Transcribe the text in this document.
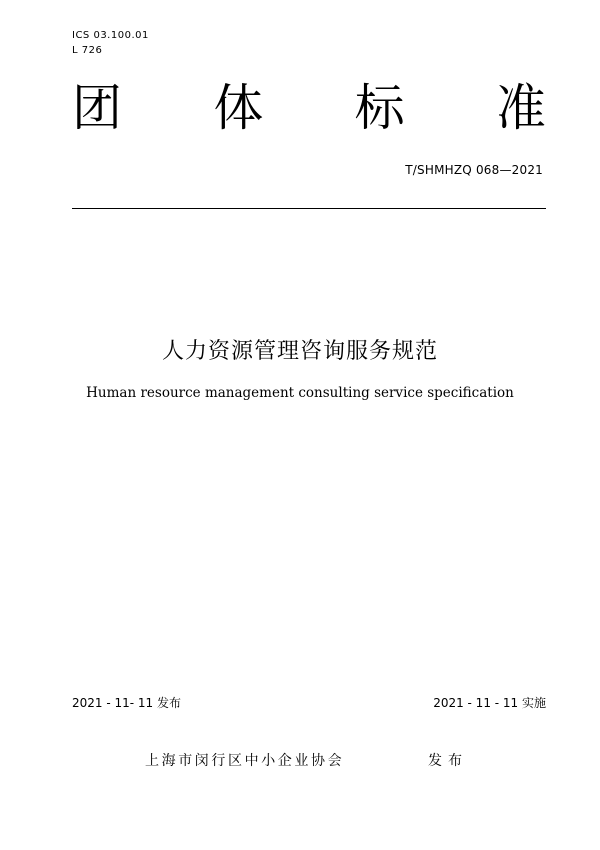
ICS 03.100.01
L 726
团 体 标 准
T/SHMHZQ 068—2021
人力资源管理咨询服务规范
Human resource management consulting service specification
2021 - 11- 11 发布	2021 - 11 - 11 实施
上海市闵行区中小企业协会	发布
